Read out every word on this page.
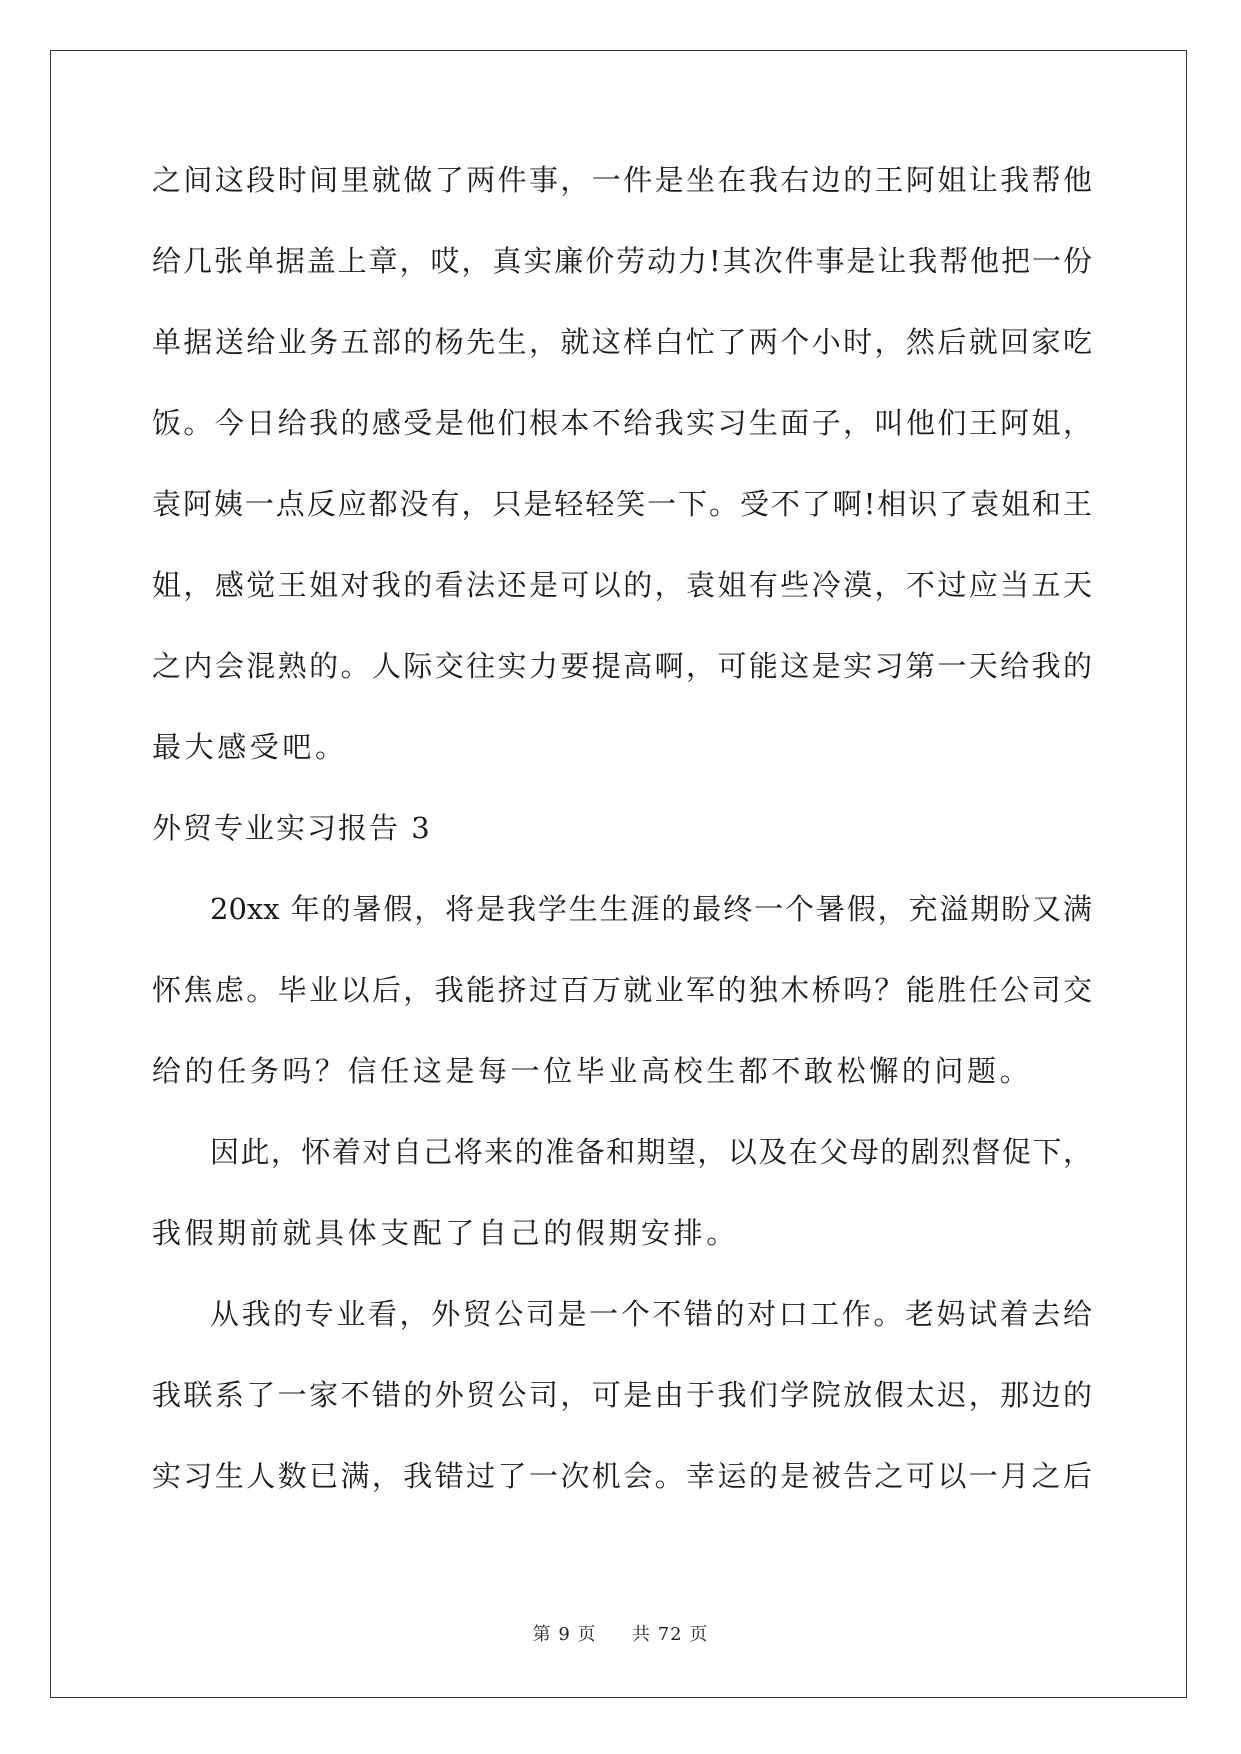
之间这段时间里就做了两件事，一件是坐在我右边的王阿姐让我帮他
给几张单据盖上章，哎，真实廉价劳动力!其次件事是让我帮他把一份
单据送给业务五部的杨先生，就这样白忙了两个小时，然后就回家吃
饭。今日给我的感受是他们根本不给我实习生面子，叫他们王阿姐，
袁阿姨一点反应都没有，只是轻轻笑一下。受不了啊!相识了袁姐和王
姐，感觉王姐对我的看法还是可以的，袁姐有些冷漠，不过应当五天
之内会混熟的。人际交往实力要提高啊，可能这是实习第一天给我的
最大感受吧。
外贸专业实习报告 3
20xx 年的暑假，将是我学生生涯的最终一个暑假，充溢期盼又满
怀焦虑。毕业以后，我能挤过百万就业军的独木桥吗？能胜任公司交
给的任务吗？信任这是每一位毕业高校生都不敢松懈的问题。
因此，怀着对自己将来的准备和期望，以及在父母的剧烈督促下，
我假期前就具体支配了自己的假期安排。
从我的专业看，外贸公司是一个不错的对口工作。老妈试着去给
我联系了一家不错的外贸公司，可是由于我们学院放假太迟，那边的
实习生人数已满，我错过了一次机会。幸运的是被告之可以一月之后
第 9 页 共 72 页
